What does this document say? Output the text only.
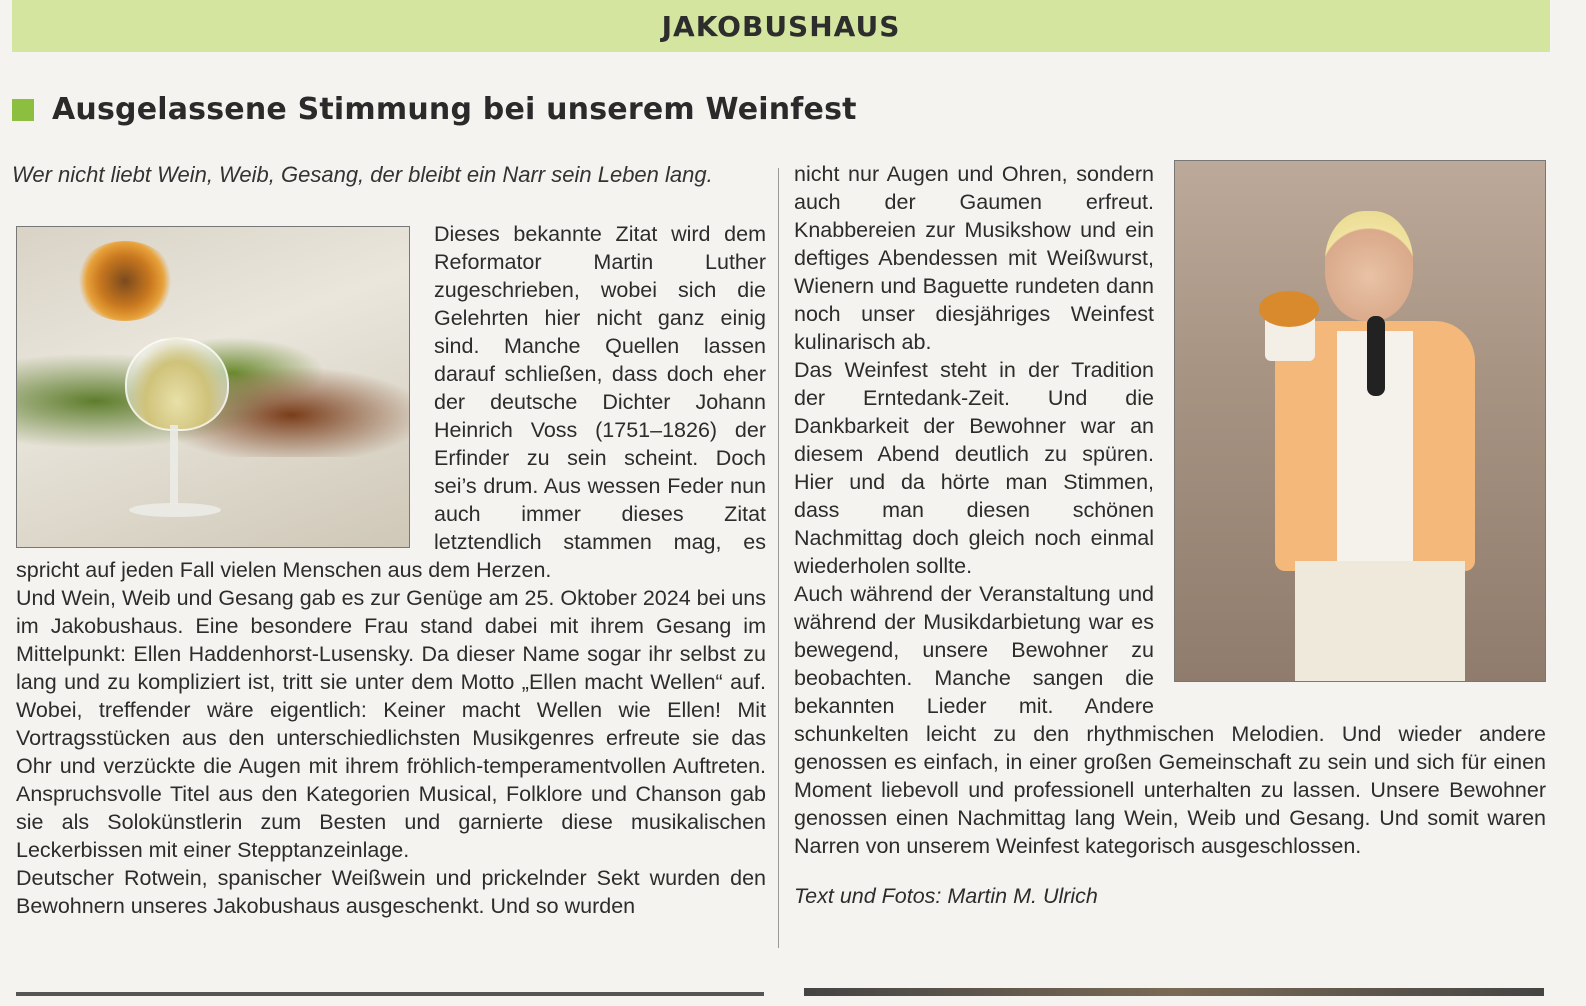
JAKOBUSHAUS
Ausgelassene Stimmung bei unserem Weinfest
Wer nicht liebt Wein, Weib, Gesang, der bleibt ein Narr sein Leben lang.

Dieses bekannte Zitat wird dem Reformator Martin Luther zugeschrieben, wobei sich die Gelehrten hier nicht ganz einig sind. Manche Quellen lassen darauf schließen, dass doch eher der deutsche Dichter Johann Heinrich Voss (1751–1826) der Erfinder zu sein scheint. Doch sei’s drum. Aus wessen Feder nun auch immer dieses Zitat letztendlich stammen mag, es spricht auf jeden Fall vielen Menschen aus dem Herzen.

Und Wein, Weib und Gesang gab es zur Genüge am 25. Oktober 2024 bei uns im Jakobushaus. Eine besondere Frau stand dabei mit ihrem Gesang im Mittelpunkt: Ellen Haddenhorst-Lusensky. Da dieser Name sogar ihr selbst zu lang und zu kompliziert ist, tritt sie unter dem Motto „Ellen macht Wellen“ auf. Wobei, treffender wäre eigentlich: Keiner macht Wellen wie Ellen! Mit Vortragsstücken aus den unterschiedlichsten Musikgenres erfreute sie das Ohr und verzückte die Augen mit ihrem fröhlich-temperamentvollen Auftreten. Anspruchsvolle Titel aus den Kategorien Musical, Folklore und Chanson gab sie als Solokünstlerin zum Besten und garnierte diese musikalischen Leckerbissen mit einer Stepptanzeinlage.

Deutscher Rotwein, spanischer Weißwein und prickelnder Sekt wurden den Bewohnern unseres Jakobushaus ausgeschenkt. Und so wurden

nicht nur Augen und Ohren, sondern auch der Gaumen erfreut. Knabbereien zur Musikshow und ein deftiges Abendessen mit Weißwurst, Wienern und Baguette rundeten dann noch unser diesjähriges Weinfest kulinarisch ab.

Das Weinfest steht in der Tradition der Erntedank-Zeit. Und die Dankbarkeit der Bewohner war an diesem Abend deutlich zu spüren. Hier und da hörte man Stimmen, dass man diesen schönen Nachmittag doch gleich noch einmal wiederholen sollte.

Auch während der Veranstaltung und während der Musikdarbietung war es bewegend, unsere Bewohner zu beobachten. Manche sangen die bekannten Lieder mit. Andere schunkelten leicht zu den rhythmischen Melodien. Und wieder andere genossen es einfach, in einer großen Gemeinschaft zu sein und sich für einen Moment liebevoll und professionell unterhalten zu lassen. Unsere Bewohner genossen einen Nachmittag lang Wein, Weib und Gesang. Und somit waren Narren von unserem Weinfest kategorisch ausgeschlossen.

Text und Fotos: Martin M. Ulrich
